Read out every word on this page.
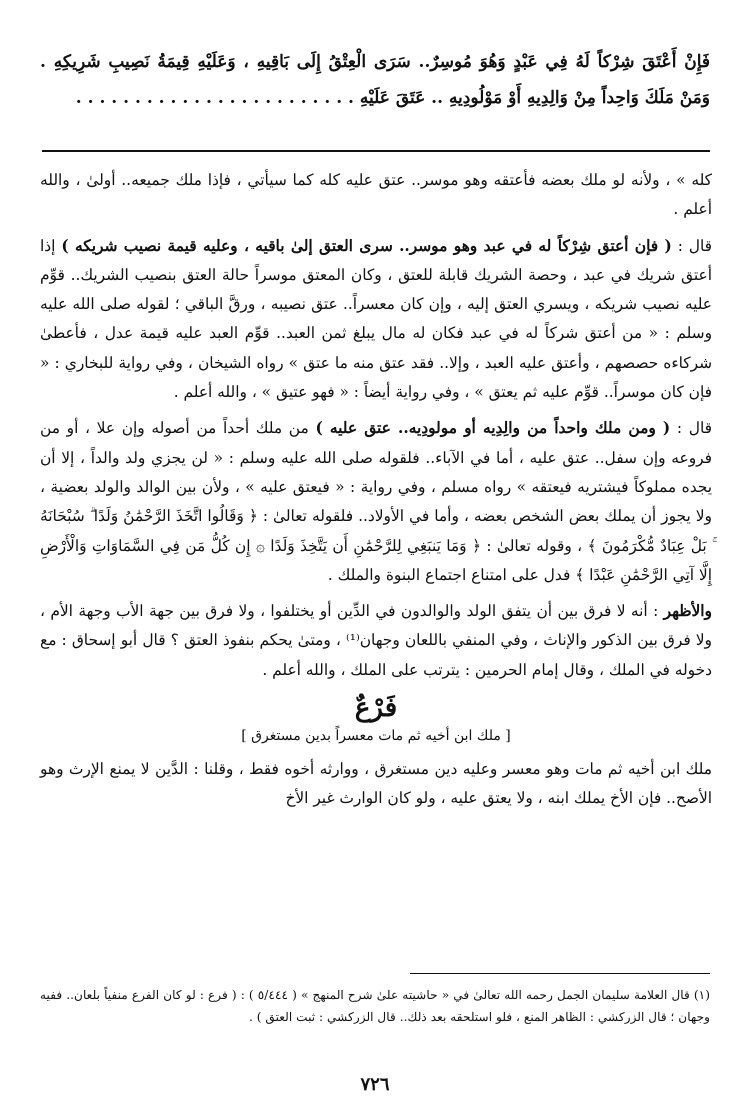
فَإِنْ أَعْتَقَ شِرْكاً لَهُ فِي عَبْدٍ وَهُوَ مُوسِرٌ.. سَرَى الْعِتْقُ إِلَى بَاقِيهِ ، وَعَلَيْهِ قِيمَةُ نَصِيبِ شَرِيكِهِ . وَمَنْ مَلَكَ وَاحِداً مِنْ وَالِدِيهِ أَوْ مَوْلُودِيهِ .. عَتَقَ عَلَيْهِ . . . . . . . . . . . . . . . . . . . . . . . .

كله » ، ولأنه لو ملك بعضه فأعتقه وهو موسر.. عتق عليه كله كما سيأتي ، فإذا ملك جميعه.. أولىٰ ، والله أعلم .

قال : ( فإن أعتق شِرْكاً له في عبد وهو موسر.. سرى العتق إلىٰ باقيه ، وعليه قيمة نصيب شريكه ) إذا أعتق شريك في عبد ، وحصة الشريك قابلة للعتق ، وكان المعتق موسراً حالة العتق بنصيب الشريك.. قوِّم عليه نصيب شريكه ، ويسري العتق إليه ، وإن كان معسراً.. عتق نصيبه ، ورقَّ الباقي ؛ لقوله صلى الله عليه وسلم : « من أعتق شركاً له في عبد فكان له مال يبلغ ثمن العبد.. قوِّم العبد عليه قيمة عدل ، فأعطىٰ شركاءه حصصهم ، وأعتق عليه العبد ، وإلا.. فقد عتق منه ما عتق » رواه الشيخان ، وفي رواية للبخاري : « فإن كان موسراً.. قوِّم عليه ثم يعتق » ، وفي رواية أيضاً : « فهو عتيق » ، والله أعلم .

قال : ( ومن ملك واحداً من والِدِيه أو مولودِيه.. عتق عليه ) من ملك أحداً من أصوله وإن علا ، أو من فروعه وإن سفل.. عتق عليه ، أما في الآباء.. فلقوله صلى الله عليه وسلم : « لن يجزي ولد والداً ، إلا أن يجده مملوكاً فيشتريه فيعتقه » رواه مسلم ، وفي رواية : « فيعتق عليه » ، ولأن بين الوالد والولد بعضية ، ولا يجوز أن يملك بعض الشخص بعضه ، وأما في الأولاد.. فلقوله تعالىٰ : ﴿ وَقَالُوا اتَّخَذَ الرَّحْمَٰنُ وَلَدًا ۗ سُبْحَانَهُ ۚ بَلْ عِبَادٌ مُّكْرَمُونَ ﴾ ، وقوله تعالىٰ : ﴿ وَمَا يَنبَغِي لِلرَّحْمَٰنِ أَن يَتَّخِذَ وَلَدًا ۞ إِن كُلُّ مَن فِي السَّمَاوَاتِ وَالْأَرْضِ إِلَّا آتِي الرَّحْمَٰنِ عَبْدًا ﴾ فدل على امتناع اجتماع البنوة والملك .

والأظهر : أنه لا فرق بين أن يتفق الولد والوالدون في الدِّين أو يختلفوا ، ولا فرق بين جهة الأب وجهة الأم ، ولا فرق بين الذكور والإناث ، وفي المنفي باللعان وجهان⁽¹⁾ ، ومتىٰ يحكم بنفوذ العتق ؟ قال أبو إسحاق : مع دخوله في الملك ، وقال إمام الحرمين : يترتب على الملك ، والله أعلم .

فَرْعٌ
[ ملك ابن أخيه ثم مات معسراً بدين مستغرق ]

ملك ابن أخيه ثم مات وهو معسر وعليه دين مستغرق ، ووارثه أخوه فقط ، وقلنا : الدَّين لا يمنع الإرث وهو الأصح.. فإن الأخ يملك ابنه ، ولا يعتق عليه ، ولو كان الوارث غير الأخ

(١) قال العلامة سليمان الجمل رحمه الله تعالىٰ في « حاشيته علىٰ شرح المنهج » ( ٥/٤٤٤ ) : ( فرع : لو كان الفرع منفياً بلعان.. ففيه وجهان ؛ قال الزركشي : الظاهر المنع ، فلو استلحقه بعد ذلك.. قال الزركشي : ثبت العتق ) .
٧٢٦
